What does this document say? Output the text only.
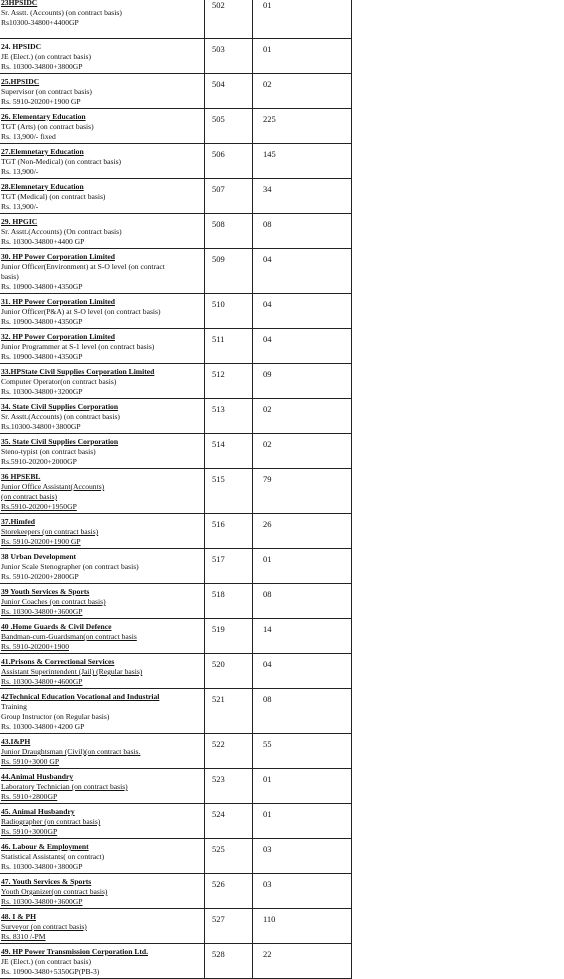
23HPSIDC
Sr. Asstt. (Accounts) (on contract basis)
Rs10300-34800+4400GP	502	01

24. HPSIDC
JE (Elect.) (on contract basis)
Rs. 10300-34800+3800GP	503	01

25.HPSIDC
Supervisor (on contract basis)
Rs. 5910-20200+1900 GP	504	02

26. Elementary Education
TGT (Arts) (on contract basis)
Rs. 13,900/- fixed	505	225

27.Elemnetary Education
TGT (Non-Medical) (on contract basis)
Rs. 13,900/-	506	145

28.Elemnetary Education
TGT (Medical) (on contract basis)
Rs. 13,900/-	507	34

29. HPGIC
Sr. Asstt.(Accounts) (On contract basis)
Rs. 10300-34800+4400 GP	508	08

30. HP Power Corporation Limited
Junior Officer(Environment) at S-O level (on contract
basis)
Rs. 10900-34800+4350GP	509	04

31. HP Power Corporation Limited
Junior Officer(P&A) at S-O level (on contract basis)
Rs. 10900-34800+4350GP	510	04

32. HP Power Corporation Limited
Junior Programmer at S-1 level (on contract basis)
Rs. 10900-34800+4350GP	511	04

33.HPState Civil Supplies Corporation Limited
Computer Operator(on contract basis)
Rs. 10300-34800+3200GP	512	09

34. State Civil Supplies Corporation
Sr. Asstt.(Accounts) (on contract basis)
Rs.10300-34800+3800GP	513	02

35. State Civil Supplies Corporation
Steno-typist (on contract basis)
Rs.5910-20200+2000GP	514	02

36 HPSEBL
Junior Office Assistant(Accounts)
(on contract basis)
Rs.5910-20200+1950GP	515	79

37.Himfed
Storekeepers (on contract basis)
Rs. 5910-20200+1900 GP	516	26

38 Urban Development
Junior Scale Stenographer (on contract basis)
Rs. 5910-20200+2800GP	517	01

39 Youth Services & Sports
Junior Coaches (on contract basis)
Rs. 10300-34800+3600GP	518	08

40 .Home Guards & Civil Defence
Bandman-cum-Guardsman(on contract basis
Rs. 5910-20200+1900	519	14

41.Prisons & Correctional Services
Assistant Superintendent (Jail) (Regular basis)
Rs. 10300-34800+4600GP	520	04

42Technical Education Vocational and Industrial
Training
Group Instructor (on Regular basis)
Rs. 10300-34800+4200 GP	521	08

43.I&PH
Junior Draughtsman (Civil)(on contract basis.
Rs. 5910+3000 GP	522	55

44.Animal Husbandry
Laboratory Technician (on contract basis)
Rs. 5910+2800GP	523	01

45. Animal Husbandry
Radiographer (on contract basis)
Rs. 5910+3000GP	524	01

46. Labour & Employment
Statistical Assistants( on contract)
Rs. 10300-34800+3800GP	525	03

47. Youth Services & Sports
Youth Organizer(on contract basis)
Rs. 10300-34800+3600GP	526	03

48. I & PH
Surveyor (on contract basis)
Rs. 8310 /-PM	527	110

49. HP Power Transmission Corporation Ltd.
JE (Elect.) (on contract basis)
Rs. 10900-3480+5350GP(PB-3)	528	22
